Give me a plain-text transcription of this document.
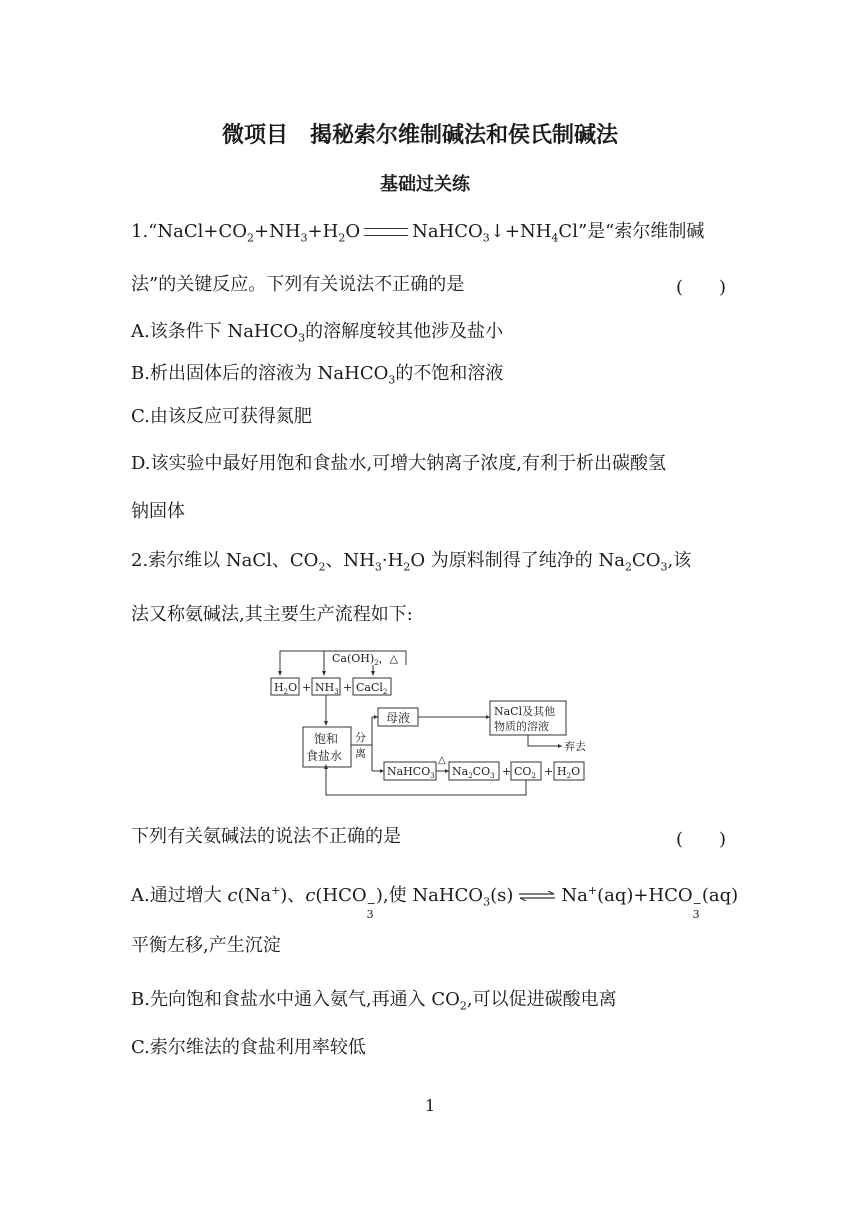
微项目　揭秘索尔维制碱法和侯氏制碱法
基础过关练
$1.“NaCl+CO_2+NH_3+H_2O$	$NaHCO_3↓+NH_4Cl$”是“索尔维制碱
法”的关键反应。下列有关说法不正确的是	(　　)
A.该条件下 NaHCO$_3$的溶解度较其他涉及盐小
B.析出固体后的溶液为 NaHCO$_3$的不饱和溶液
C.由该反应可获得氮肥
D.该实验中最好用饱和食盐水,可增大钠离子浓度,有利于析出碳酸氢
钠固体
2.索尔维以 NaCl、$CO_2$、$NH_3\cdot H_2O$ 为原料制得了纯净的 $Na_2CO_3$,该
法又称氨碱法,其主要生产流程如下:
$Ca(OH)_2$，△
$H_2O + NH_3$ + CaCl$_2$
饱和
食盐水
分
离
母液	NaCl及其他
物质的溶液
弃去
NaHCO$_3$
△
$Na_2CO_3 + CO_2 + H_2O$
下列有关氨碱法的说法不正确的是	(　　)
A.通过增大 c(Na+)、c(HCO −
3
),使 NaHCO$_3$(s) ⇌ Na+(aq)+HCO −
3
(aq)
平衡左移,产生沉淀
B.先向饱和食盐水中通入氨气,再通入 $CO_2$,可以促进碳酸电离
C.索尔维法的食盐利用率较低
1
